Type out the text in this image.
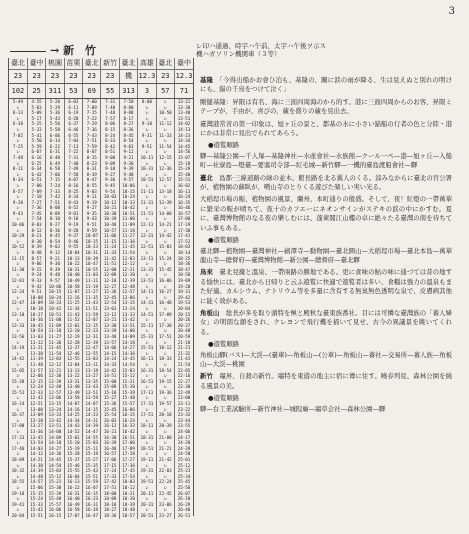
3
→ 新　竹	レ印ハ通過、時字ハ午前、太字ハ午後ヲ示ス
機ハガソリン機関車（３等）
臺北	臺中	桃園	苗栗	臺北	新竹	臺北	高雄	臺北	臺中
23	23	23	23	23	23	機	12.3	23	12.3
102	25	311	53	69	55	313	3	57	71
5-49	4-55	5-20	6-03	7-00	7-31	7-50	8-00	レ	13-21
レ	5-03	5-29	6-11	7-09	7-40	8-00	レ	レ	13-30
6-13	5-09	5-36	6-19	7-15	7-48	8-08	レ	10-50	13-40
レ	5-17	5-43	6-28	7-22	7-57	8-17	レ	レ	13-51
6-38	5-25	5-50	6-37	7-29	8-06	8-27	9-10	11-12	14-02
レ	5-33	5-58	6-46	7-36	8-15	8-36	レ	レ	14-13
7-02	5-41	6-06	6-55	7-43	8-24	8-45	9-31	11-33	14-23
レ	5-50	6-14	7-04	7-51	8-33	8-54	レ	レ	14-34
7-25	5-59	6-22	7-13	7-59	8-42	9-03	9-51	11-54	14-45
レ	6-07	6-31	7-22	8-07	8-51	9-12	レ	レ	14-56
7-48	6-16	6-40	7-31	8-15	9-00	9-21	10-11	12-15	15-07
レ	6-25	6-49	7-40	8-23	9-09	9-30	レ	レ	15-18
8-11	6-34	6-58	7-49	8-31	9-18	9-39	10-31	12-36	15-29
レ	6-42	7-06	7-58	8-39	9-27	9-48	レ	レ	15-40
8-34	6-51	7-15	8-07	8-47	9-36	9-57	10-51	12-57	15-51
レ	7-00	7-24	8-16	8-55	9-45	10-06	レ	レ	16-02
8-57	7-09	7-33	8-25	9-03	9-54	10-15	11-11	13-18	16-13
レ	7-18	7-42	8-34	9-11	10-03	10-24	レ	レ	16-24
9-20	7-27	7-51	8-43	9-19	10-12	10-33	11-31	13-39	16-35
レ	7-36	8-00	8-52	9-27	10-21	10-42	レ	レ	16-46
9-43	7-45	8-09	9-01	9-35	10-30	10-51	11-51	14-00	16-57
レ	7-54	8-18	9-10	9-43	10-39	11-00	レ	レ	17-08
10-06	8-03	8-27	9-19	9-51	10-48	11-09	12-11	14-21	17-19
レ	8-12	8-36	9-28	9-59	10-57	11-18	レ	レ	17-30
10-29	8-21	8-45	9-37	10-07	11-06	11-27	12-31	14-42	17-41
レ	8-30	8-54	9-46	10-15	11-15	11-36	レ	レ	17-52
10-52	8-39	9-03	9-55	10-23	11-24	11-45	12-51	15-03	18-03
レ	8-48	9-12	10-04	10-31	11-33	11-54	レ	レ	18-14
11-15	8-57	9-21	10-13	10-39	11-42	12-03	13-11	15-24	18-25
レ	9-06	9-30	10-22	10-47	11-51	12-12	レ	レ	18-36
11-38	9-15	9-39	10-31	10-55	12-00	12-21	13-31	15-45	18-47
レ	9-24	9-48	10-40	11-03	12-09	12-30	レ	レ	18-58
12-01	9-33	9-57	10-49	11-11	12-18	12-39	13-51	16-06	19-09
レ	9-42	10-06	10-58	11-19	12-27	12-48	レ	レ	19-20
12-24	9-51	10-15	11-07	11-27	12-36	12-57	14-11	16-27	19-31
レ	10-00	10-24	11-16	11-35	12-45	13-06	レ	レ	19-42
12-47	10-09	10-33	11-25	11-43	12-54	13-15	14-31	16-48	19-53
レ	10-18	10-42	11-34	11-51	13-03	13-24	レ	レ	20-04
13-10	10-27	10-51	11-43	11-59	13-12	13-33	14-51	17-09	20-15
レ	10-36	11-00	11-52	12-07	13-21	13-42	レ	レ	20-26
13-33	10-45	11-09	12-01	12-15	13-30	13-51	15-11	17-30	20-37
レ	10-54	11-18	12-10	12-23	13-39	14-00	レ	レ	20-48
13-56	11-03	11-27	12-19	12-31	13-48	14-09	15-31	17-51	20-59
レ	11-12	11-36	12-28	12-39	13-57	14-18	レ	レ	21-10
14-19	11-21	11-45	12-37	12-47	14-06	14-27	15-51	18-12	21-21
レ	11-30	11-54	12-46	12-55	14-15	14-36	レ	レ	21-32
14-42	11-39	12-03	12-55	13-03	14-24	14-45	16-11	18-33	21-43
レ	11-48	12-12	13-04	13-11	14-33	14-54	レ	レ	21-54
15-05	11-57	12-21	13-13	13-19	14-42	15-03	16-31	18-54	22-05
レ	12-06	12-30	13-22	13-27	14-51	15-12	レ	レ	22-16
15-28	12-15	12-39	13-31	13-35	15-00	15-21	16-51	19-15	22-27
レ	12-24	12-48	13-40	13-43	15-09	15-30	レ	レ	22-38
15-51	12-33	12-57	13-49	13-51	15-18	15-39	17-11	19-36	22-49
レ	12-42	13-06	13-58	13-59	15-27	15-48	レ	レ	23-00
16-14	12-51	13-15	14-07	14-07	15-36	15-57	17-31	19-57	23-11
レ	13-00	13-24	14-16	14-15	15-45	16-06	レ	レ	23-22
16-37	13-09	13-33	14-25	14-23	15-54	16-15	17-51	20-18	23-33
レ	13-18	13-42	14-34	14-31	16-03	16-24	レ	レ	23-44
17-00	13-27	13-51	14-43	14-39	16-12	16-33	18-11	20-39	23-55
レ	13-36	14-00	14-52	14-47	16-21	16-42	レ	レ	24-06
17-23	13-45	14-09	15-01	14-55	16-30	16-51	18-31	21-00	24-17
レ	13-54	14-18	15-10	15-03	16-39	17-00	レ	レ	24-28
17-46	14-03	14-27	15-19	15-11	16-48	17-09	18-51	21-21	24-39
レ	14-12	14-36	15-28	15-19	16-57	17-18	レ	レ	24-50
18-09	14-21	14-45	15-37	15-27	17-06	17-27	19-11	21-42	25-01
レ	14-30	14-54	15-46	15-35	17-15	17-36	レ	レ	25-12
18-32	14-39	15-03	15-55	15-43	17-24	17-45	19-31	22-03	25-23
レ	14-48	15-12	16-04	15-51	17-33	17-54	レ	レ	25-34
18-55	14-57	15-21	16-13	15-59	17-42	18-03	19-51	22-24	25-45
レ	15-06	15-30	16-22	16-07	17-51	18-12	レ	レ	25-56
19-18	15-15	15-39	16-31	16-15	18-00	18-21	20-11	22-45	26-07
レ	15-24	15-48	16-40	16-23	18-09	18-30	レ	レ	26-18
19-41	15-33	15-57	16-49	16-31	18-18	18-39	20-31	23-06	26-29
レ	15-42	16-06	16-58	16-39	18-27	18-48	レ	レ	26-40
20-04	15-51	16-15	17-07	16-47	18-36	18-57	20-51	23-27	26-51

基隆　 「今得出船かお會ひ泊も、基隆の、關に涙の雨が降る、生は見えぬと別れの明けにも、錨の千鳥をつけて泣く」

剛健基隆：昇限は有名、海に三面四周海のから的す。港に三面四周からのお客、昇限ミテーブが、手由が、喜びの、蔵を盛りの蔵を見出去。

臺灣港常省の第一印象は、旭ヶ丘の景と、都基の水に小さい錨船の行者の色と分陸・港にかは非常に見出でられてあらう。

●遊覧順路

驛—基隆公園—千人塚—基隆神社—水產會社—水族館—クール一ペ—港—旭ヶ丘—入船町—社寮島—燈臺—要塞司令部—紅毛城—新竹驛—一機的臺島渡船會社—驛

臺北　 島都·三線道路の緑の並木、館長路を北る翼人のくる。涼みなからに臺北の官公署が、植物園の蘇臥が、噴山寺のとりくる遊びた楽しい実い光る。

大稻埕市場の賑、植物園の風景、蘭州、本町通りの殷盛。そして、夜！紅燈の一帶萬華に繁栄の賑が晴ちて、夜十のカフエーにネオンサインがステキの涙の中にかすむ。夏に、臺灣博物館のなる夜の樂しむには、蓬萊閣江山樓の卓に絶々たる臺灣の南を待ちていふ事もある。

●遊覧順路

臺北驛—植物園—臺灣神社—劍潭寺—動物園—臺北圓山—大稻埕市場—臺北本島—萬華龍山寺—總督府—臺灣博物館—新公園—總督府—臺北驛

烏來　 臺北見據と溫泉、一帶兩路の勝地である。更に食味の鮎の味に通づては昔の地する愉快には。臺北から日帰りと云ふ遊覧に快適で遊覧者は多い、食糧は強力の溫泉もまた好適、カルシウム、ナトリウム等を多量に含有する無臭無色透明な泉で、皮膚病其他に能く效がある。

角板山　 総長が多を取り頭特を極と殿秋な臺東族番社。目には可憐な臺灣族の「蕃人婦女」の明朗な顔をされ、クレヨンで飛行機を描いて見せ、古今の異議景を眺いてくれる。

●遊覧順路

角板山驛(バス)—大渓—(臺車)—角板山—(公車)—角板山—蕃社—交易所—蕃人族—角板山—大渓—桃園

新竹　 竈昇、自殺の新竹。竈特を東遊の地主に宿に傳に住す。曉春列見、森林公園を繞る風景の美。

●遊覧順路

驛—台工業試驗所—新竹神社—城隍廟—竈草会社—森林公園—驛
